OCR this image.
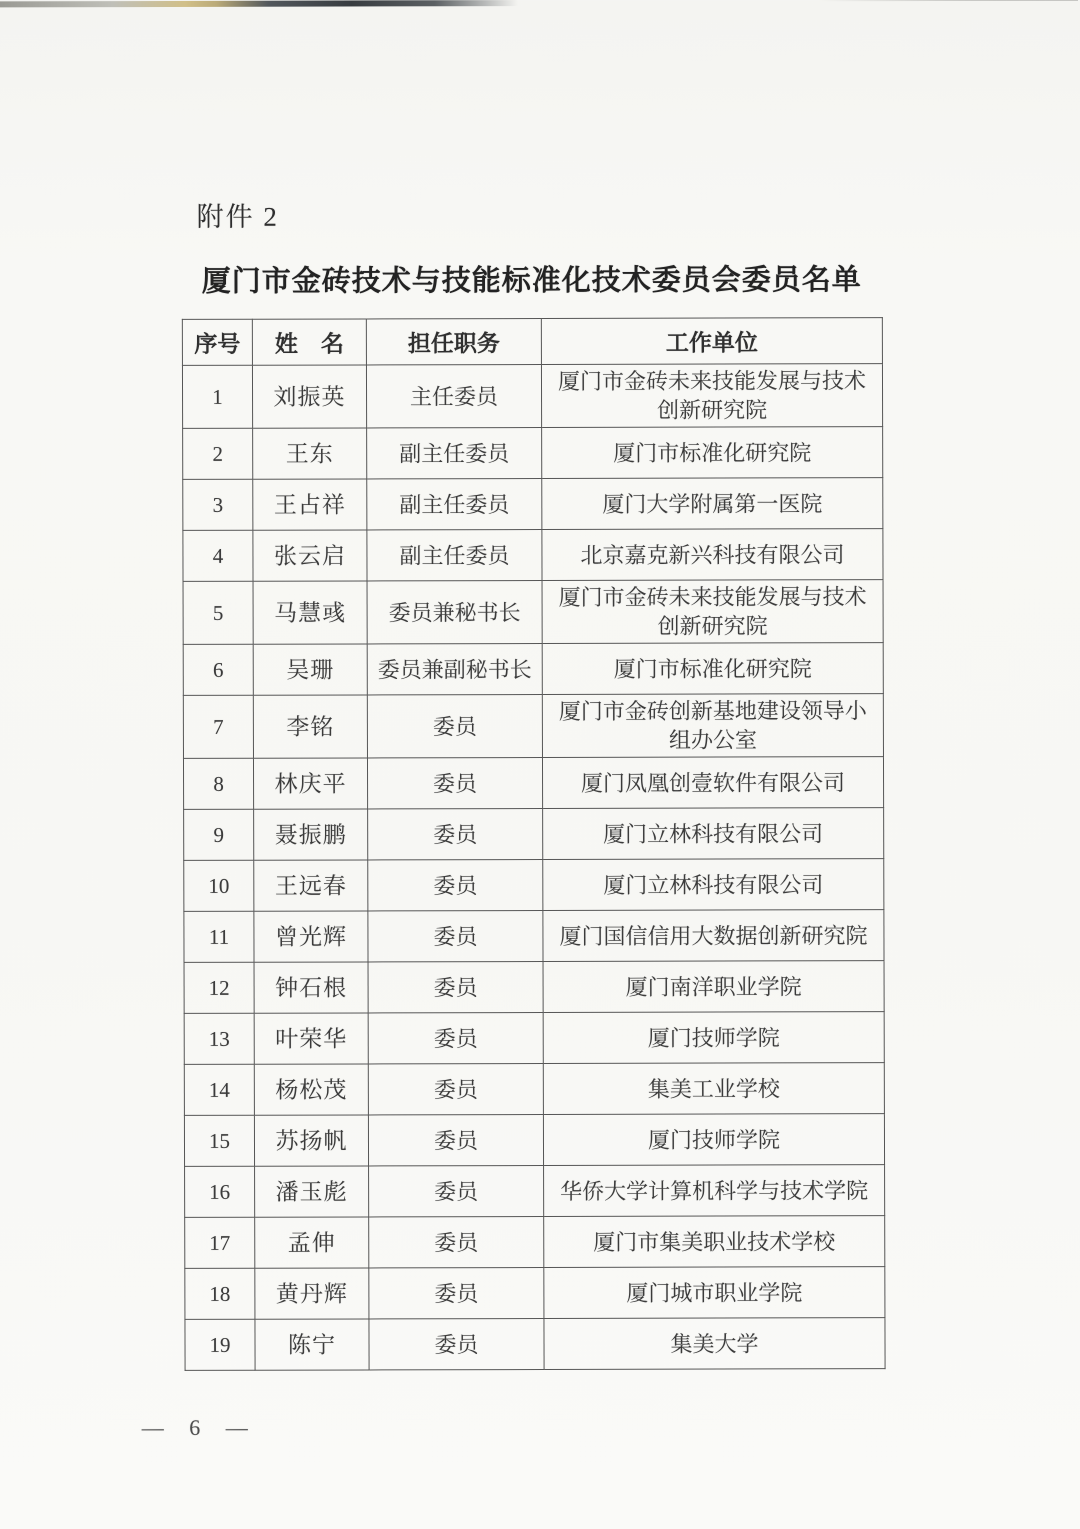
附件 2
厦门市金砖技术与技能标准化技术委员会委员名单
序号	姓　名	担任职务	工作单位
1	刘振英	主任委员	厦门市金砖未来技能发展与技术创新研究院
2	王东	副主任委员	厦门市标准化研究院
3	王占祥	副主任委员	厦门大学附属第一医院
4	张云启	副主任委员	北京嘉克新兴科技有限公司
5	马慧彧	委员兼秘书长	厦门市金砖未来技能发展与技术创新研究院
6	吴珊	委员兼副秘书长	厦门市标准化研究院
7	李铭	委员	厦门市金砖创新基地建设领导小组办公室
8	林庆平	委员	厦门凤凰创壹软件有限公司
9	聂振鹏	委员	厦门立林科技有限公司
10	王远春	委员	厦门立林科技有限公司
11	曾光辉	委员	厦门国信信用大数据创新研究院
12	钟石根	委员	厦门南洋职业学院
13	叶荣华	委员	厦门技师学院
14	杨松茂	委员	集美工业学校
15	苏扬帆	委员	厦门技师学院
16	潘玉彪	委员	华侨大学计算机科学与技术学院
17	孟伸	委员	厦门市集美职业技术学校
18	黄丹辉	委员	厦门城市职业学院
19	陈宁	委员	集美大学
— 6 —
